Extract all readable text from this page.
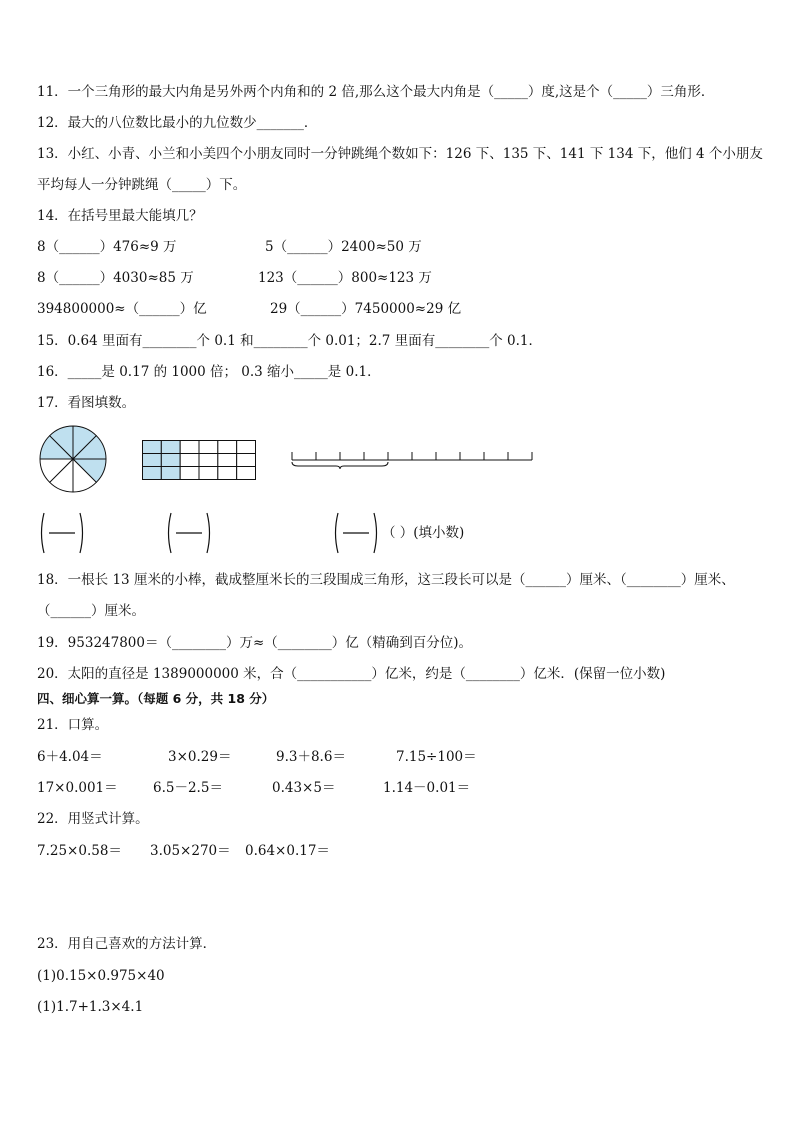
11．一个三角形的最大内角是另外两个内角和的 2 倍,那么这个最大内角是（_____）度,这是个（_____）三角形．
12．最大的八位数比最小的九位数少_______．
13．小红、小青、小兰和小美四个小朋友同时一分钟跳绳个数如下：126 下、135 下、141 下 134 下，他们 4 个小朋友
平均每人一分钟跳绳（_____）下。
14．在括号里最大能填几？
8（______）476≈9 万	5（______）2400≈50 万
8（______）4030≈85 万	123（______）800≈123 万
394800000≈（______）亿	29（______）7450000≈29 亿
15．0.64 里面有________个 0.1 和________个 0.01；2.7 里面有________个 0.1．
16．_____是 0.17 的 1000 倍； 0.3 缩小_____是 0.1．
17．看图填数。
（ ）(填小数)
18．一根长 13 厘米的小棒，截成整厘米长的三段围成三角形，这三段长可以是（______）厘米、（________）厘米、
（______）厘米。
19．953247800＝（________）万≈（________）亿（精确到百分位)。
20．太阳的直径是 1389000000 米，合（___________）亿米，约是（________）亿米．(保留一位小数)
四、细心算一算。（每题 6 分，共 18 分）
21．口算。
6＋4.04＝	3×0.29＝	9.3＋8.6＝	7.15÷100＝
17×0.001＝	6.5－2.5＝	0.43×5＝	1.14－0.01＝
22．用竖式计算。
7.25×0.58＝ 3.05×270＝ 0.64×0.17＝
23．用自己喜欢的方法计算．
(1)0.15×0.975×40
(1)1.7+1.3×4.1
